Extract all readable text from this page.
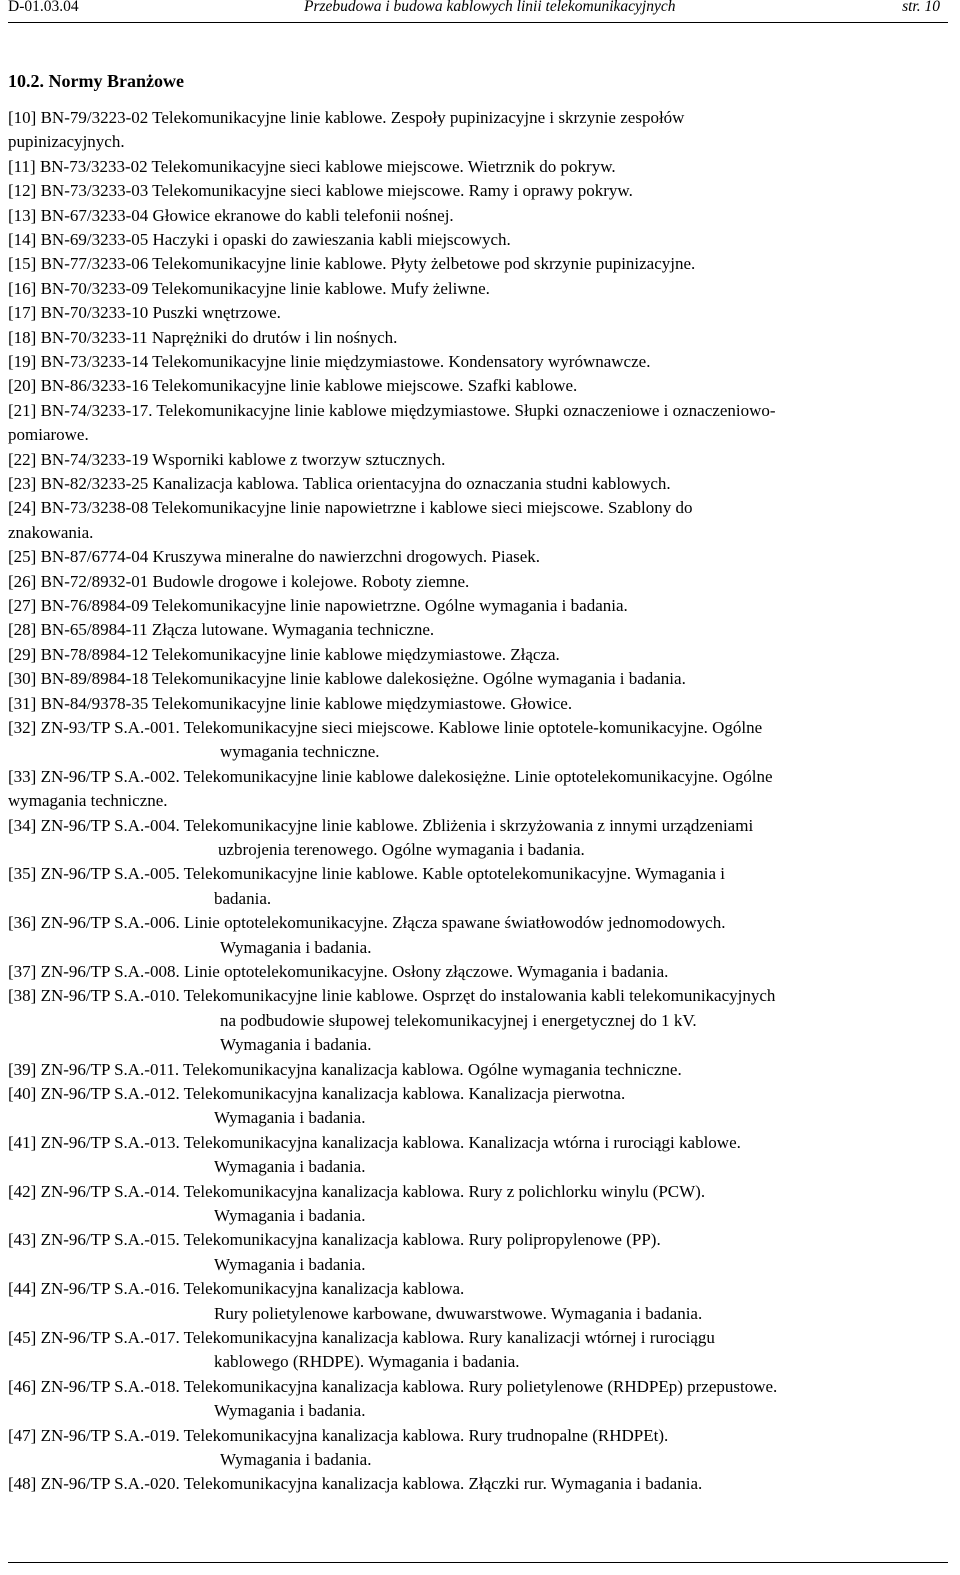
D-01.03.04	Przebudowa i budowa kablowych linii telekomunikacyjnych	str. 10
10.2. Normy Branżowe
[10] BN-79/3223-02 Telekomunikacyjne linie kablowe. Zespoły pupinizacyjne i skrzynie zespołów
pupinizacyjnych.
[11] BN-73/3233-02 Telekomunikacyjne sieci kablowe miejscowe. Wietrznik do pokryw.
[12] BN-73/3233-03 Telekomunikacyjne sieci kablowe miejscowe. Ramy i oprawy pokryw.
[13] BN-67/3233-04 Głowice ekranowe do kabli telefonii nośnej.
[14] BN-69/3233-05 Haczyki i opaski do zawieszania kabli miejscowych.
[15] BN-77/3233-06 Telekomunikacyjne linie kablowe. Płyty żelbetowe pod skrzynie pupinizacyjne.
[16] BN-70/3233-09 Telekomunikacyjne linie kablowe. Mufy żeliwne.
[17] BN-70/3233-10 Puszki wnętrzowe.
[18] BN-70/3233-11 Naprężniki do drutów i lin nośnych.
[19] BN-73/3233-14 Telekomunikacyjne linie międzymiastowe. Kondensatory wyrównawcze.
[20] BN-86/3233-16 Telekomunikacyjne linie kablowe miejscowe. Szafki kablowe.
[21] BN-74/3233-17. Telekomunikacyjne linie kablowe międzymiastowe. Słupki oznaczeniowe i oznaczeniowo-
pomiarowe.
[22] BN-74/3233-19 Wsporniki kablowe z tworzyw sztucznych.
[23] BN-82/3233-25 Kanalizacja kablowa. Tablica orientacyjna do oznaczania studni kablowych.
[24] BN-73/3238-08 Telekomunikacyjne linie napowietrzne i kablowe sieci miejscowe. Szablony do
znakowania.
[25] BN-87/6774-04 Kruszywa mineralne do nawierzchni drogowych. Piasek.
[26] BN-72/8932-01 Budowle drogowe i kolejowe. Roboty ziemne.
[27] BN-76/8984-09 Telekomunikacyjne linie napowietrzne. Ogólne wymagania i badania.
[28] BN-65/8984-11 Złącza lutowane. Wymagania techniczne.
[29] BN-78/8984-12 Telekomunikacyjne linie kablowe międzymiastowe. Złącza.
[30] BN-89/8984-18 Telekomunikacyjne linie kablowe dalekosiężne. Ogólne wymagania i badania.
[31] BN-84/9378-35 Telekomunikacyjne linie kablowe międzymiastowe. Głowice.
[32] ZN-93/TP S.A.-001. Telekomunikacyjne sieci miejscowe. Kablowe linie optotele-komunikacyjne. Ogólne
wymagania techniczne.
[33] ZN-96/TP S.A.-002. Telekomunikacyjne linie kablowe dalekosiężne. Linie optotelekomunikacyjne. Ogólne
wymagania techniczne.
[34] ZN-96/TP S.A.-004. Telekomunikacyjne linie kablowe. Zbliżenia i skrzyżowania z innymi urządzeniami
uzbrojenia terenowego. Ogólne wymagania i badania.
[35] ZN-96/TP S.A.-005. Telekomunikacyjne linie kablowe. Kable optotelekomunikacyjne. Wymagania i
badania.
[36] ZN-96/TP S.A.-006. Linie optotelekomunikacyjne. Złącza spawane światłowodów jednomodowych.
Wymagania i badania.
[37] ZN-96/TP S.A.-008. Linie optotelekomunikacyjne. Osłony złączowe. Wymagania i badania.
[38] ZN-96/TP S.A.-010. Telekomunikacyjne linie kablowe. Osprzęt do instalowania kabli telekomunikacyjnych
na podbudowie słupowej telekomunikacyjnej i energetycznej do 1 kV.
Wymagania i badania.
[39] ZN-96/TP S.A.-011. Telekomunikacyjna kanalizacja kablowa. Ogólne wymagania techniczne.
[40] ZN-96/TP S.A.-012. Telekomunikacyjna kanalizacja kablowa. Kanalizacja pierwotna.
Wymagania i badania.
[41] ZN-96/TP S.A.-013. Telekomunikacyjna kanalizacja kablowa. Kanalizacja wtórna i rurociągi kablowe.
Wymagania i badania.
[42] ZN-96/TP S.A.-014. Telekomunikacyjna kanalizacja kablowa. Rury z polichlorku winylu (PCW).
Wymagania i badania.
[43] ZN-96/TP S.A.-015. Telekomunikacyjna kanalizacja kablowa. Rury polipropylenowe (PP).
Wymagania i badania.
[44] ZN-96/TP S.A.-016. Telekomunikacyjna kanalizacja kablowa.
Rury polietylenowe karbowane, dwuwarstwowe. Wymagania i badania.
[45] ZN-96/TP S.A.-017. Telekomunikacyjna kanalizacja kablowa. Rury kanalizacji wtórnej i rurociągu
kablowego (RHDPE). Wymagania i badania.
[46] ZN-96/TP S.A.-018. Telekomunikacyjna kanalizacja kablowa. Rury polietylenowe (RHDPEp) przepustowe.
Wymagania i badania.
[47] ZN-96/TP S.A.-019. Telekomunikacyjna kanalizacja kablowa. Rury trudnopalne (RHDPEt).
Wymagania i badania.
[48] ZN-96/TP S.A.-020. Telekomunikacyjna kanalizacja kablowa. Złączki rur. Wymagania i badania.
